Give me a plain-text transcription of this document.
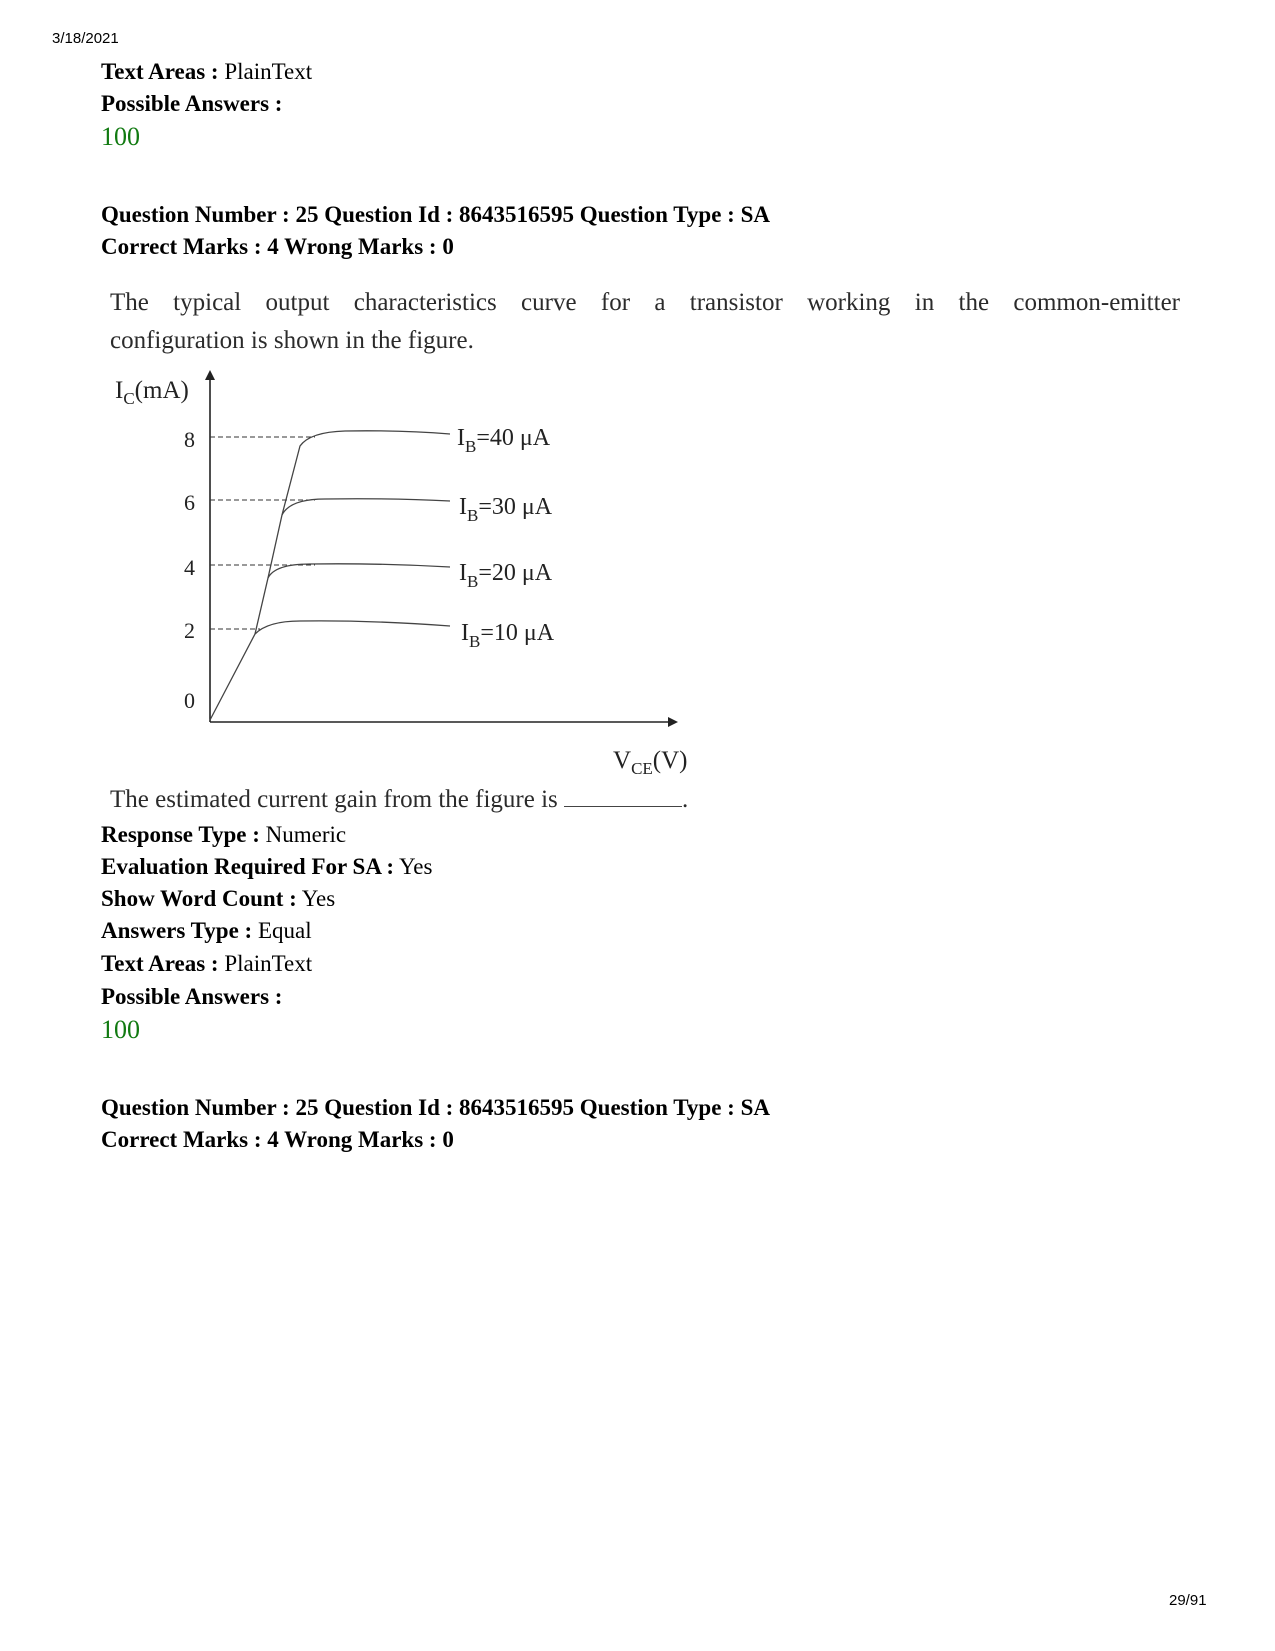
3/18/2021
Text Areas : PlainText
Possible Answers :
100
Question Number : 25 Question Id : 8643516595 Question Type : SA
Correct Marks : 4 Wrong Marks : 0
The typical output characteristics curve for a transistor working in the common-emitter
configuration is shown in the figure.
$I_C(mA)$
$V_{CE}(V)$
8
6
4
2
0
$I_B=40$ μA
$I_B=30$ μA
$I_B=20$ μA
$I_B=10$ μA
The estimated current gain from the figure is	.
Response Type : Numeric
Evaluation Required For SA : Yes
Show Word Count : Yes
Answers Type : Equal
Text Areas : PlainText
Possible Answers :
100
Question Number : 25 Question Id : 8643516595 Question Type : SA
Correct Marks : 4 Wrong Marks : 0
29/91
